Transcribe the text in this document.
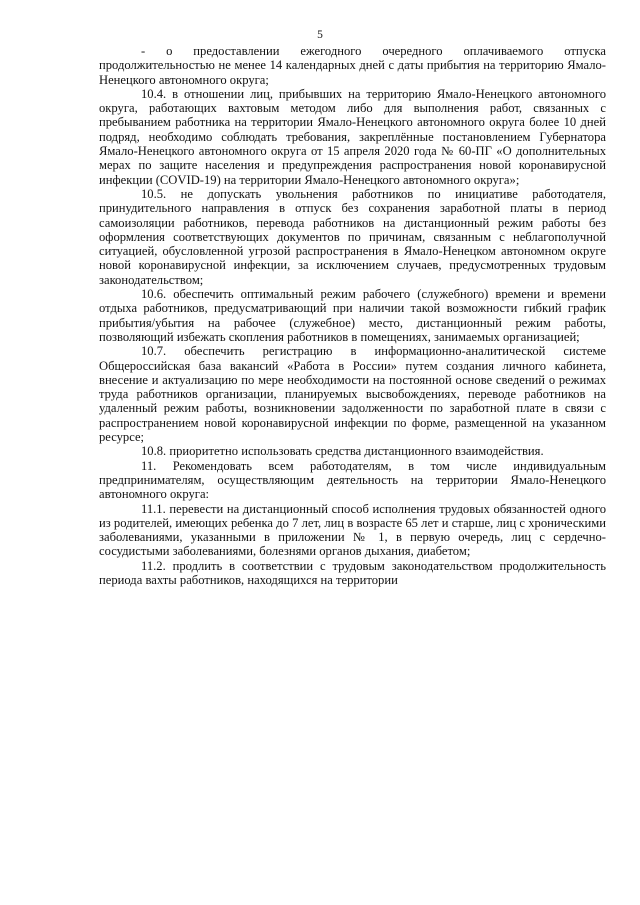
5

- о предоставлении ежегодного очередного оплачиваемого отпуска продолжительностью не менее 14 календарных дней с даты прибытия на территорию Ямало-Ненецкого автономного округа;

10.4. в отношении лиц, прибывших на территорию Ямало-Ненецкого автономного округа, работающих вахтовым методом либо для выполнения работ, связанных с пребыванием работника на территории Ямало-Ненецкого автономного округа более 10 дней подряд, необходимо соблюдать требования, закреплённые постановлением Губернатора Ямало-Ненецкого автономного округа от 15 апреля 2020 года № 60-ПГ «О дополнительных мерах по защите населения и предупреждения распространения новой коронавирусной инфекции (COVID-19) на территории Ямало-Ненецкого автономного округа»;

10.5. не допускать увольнения работников по инициативе работодателя, принудительного направления в отпуск без сохранения заработной платы в период самоизоляции работников, перевода работников на дистанционный режим работы без оформления соответствующих документов по причинам, связанным с неблагополучной ситуацией, обусловленной угрозой распространения в Ямало-Ненецком автономном округе новой коронавирусной инфекции, за исключением случаев, предусмотренных трудовым законодательством;

10.6. обеспечить оптимальный режим рабочего (служебного) времени и времени отдыха работников, предусматривающий при наличии такой возможности гибкий график прибытия/убытия на рабочее (служебное) место, дистанционный режим работы, позволяющий избежать скопления работников в помещениях, занимаемых организацией;

10.7. обеспечить регистрацию в информационно-аналитической системе Общероссийская база вакансий «Работа в России» путем создания личного кабинета, внесение и актуализацию по мере необходимости на постоянной основе сведений о режимах труда работников организации, планируемых высвобождениях, переводе работников на удаленный режим работы, возникновении задолженности по заработной плате в связи с распространением новой коронавирусной инфекции по форме, размещенной на указанном ресурсе;

10.8. приоритетно использовать средства дистанционного взаимодействия.

11. Рекомендовать всем работодателям, в том числе индивидуальным предпринимателям, осуществляющим деятельность на территории Ямало-Ненецкого автономного округа:

11.1. перевести на дистанционный способ исполнения трудовых обязанностей одного из родителей, имеющих ребенка до 7 лет, лиц в возрасте 65 лет и старше, лиц с хроническими заболеваниями, указанными в приложении № 1, в первую очередь, лиц с сердечно-сосудистыми заболеваниями, болезнями органов дыхания, диабетом;

11.2. продлить в соответствии с трудовым законодательством продолжительность периода вахты работников, находящихся на территории
